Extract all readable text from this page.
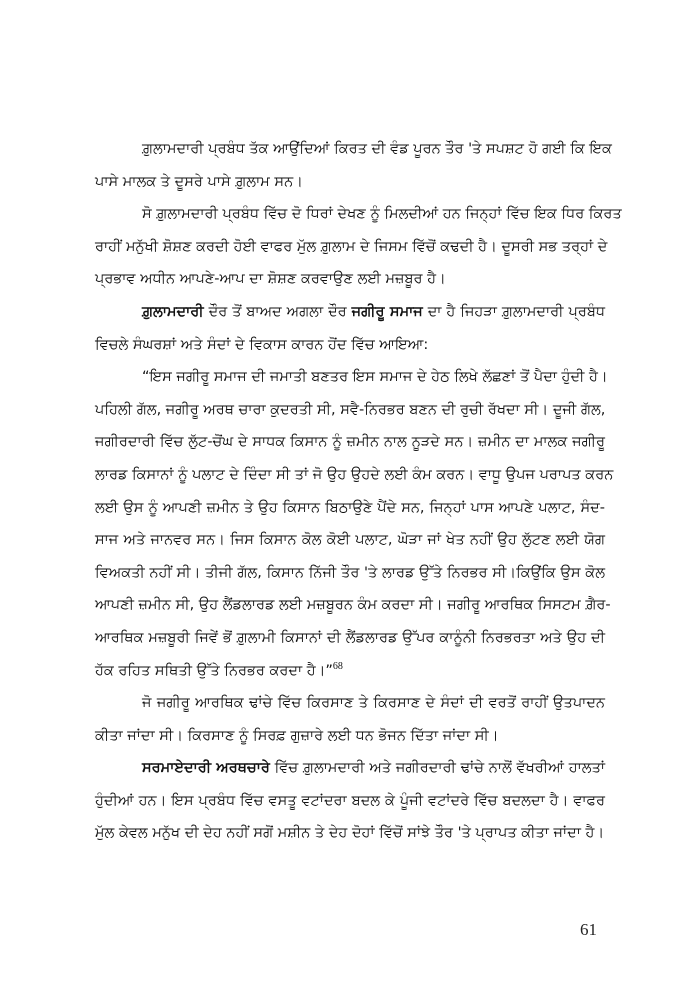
ਗ਼ੁਲਾਮਦਾਰੀ ਪ੍ਰਬੰਧ ਤੱਕ ਆਉਂਦਿਆਂ ਕਿਰਤ ਦੀ ਵੰਡ ਪੂਰਨ ਤੌਰ 'ਤੇ ਸਪਸ਼ਟ ਹੋ ਗਈ ਕਿ ਇਕ
ਪਾਸੇ ਮਾਲਕ ਤੇ ਦੂਸਰੇ ਪਾਸੇ ਗ਼ੁਲਾਮ ਸਨ।
ਸੋ ਗ਼ੁਲਾਮਦਾਰੀ ਪ੍ਰਬੰਧ ਵਿੱਚ ਦੋ ਧਿਰਾਂ ਦੇਖਣ ਨੂੰ ਮਿਲਦੀਆਂ ਹਨ ਜਿਨ੍ਹਾਂ ਵਿੱਚ ਇਕ ਧਿਰ ਕਿਰਤ
ਰਾਹੀਂ ਮਨੁੱਖੀ ਸ਼ੋਸ਼ਣ ਕਰਦੀ ਹੋਈ ਵਾਫਰ ਮੁੱਲ ਗ਼ੁਲਾਮ ਦੇ ਜਿਸਮ ਵਿੱਚੋਂ ਕਢਦੀ ਹੈ। ਦੂਸਰੀ ਸਭ ਤਰ੍ਹਾਂ ਦੇ
ਪ੍ਰਭਾਵ ਅਧੀਨ ਆਪਣੇ-ਆਪ ਦਾ ਸ਼ੋਸ਼ਣ ਕਰਵਾਉਣ ਲਈ ਮਜ਼ਬੂਰ ਹੈ।
ਗ਼ੁਲਾਮਦਾਰੀ ਦੌਰ ਤੋਂ ਬਾਅਦ ਅਗਲਾ ਦੌਰ ਜਗੀਰੂ ਸਮਾਜ ਦਾ ਹੈ ਜਿਹੜਾ ਗ਼ੁਲਾਮਦਾਰੀ ਪ੍ਰਬੰਧ
ਵਿਚਲੇ ਸੰਘਰਸ਼ਾਂ ਅਤੇ ਸੰਦਾਂ ਦੇ ਵਿਕਾਸ ਕਾਰਨ ਹੋਂਦ ਵਿੱਚ ਆਇਆ:
“ਇਸ ਜਗੀਰੂ ਸਮਾਜ ਦੀ ਜਮਾਤੀ ਬਣਤਰ ਇਸ ਸਮਾਜ ਦੇ ਹੇਠ ਲਿਖੇ ਲੱਛਣਾਂ ਤੋਂ ਪੈਦਾ ਹੁੰਦੀ ਹੈ।
ਪਹਿਲੀ ਗੱਲ, ਜਗੀਰੂ ਅਰਥ ਚਾਰਾ ਕੁਦਰਤੀ ਸੀ, ਸਵੈ-ਨਿਰਭਰ ਬਣਨ ਦੀ ਰੁਚੀ ਰੱਖਦਾ ਸੀ। ਦੂਜੀ ਗੱਲ,
ਜਗੀਰਦਾਰੀ ਵਿੱਚ ਲੁੱਟ-ਚੋਂਘ ਦੇ ਸਾਧਕ ਕਿਸਾਨ ਨੂੰ ਜ਼ਮੀਨ ਨਾਲ ਨੂੜਦੇ ਸਨ। ਜ਼ਮੀਨ ਦਾ ਮਾਲਕ ਜਗੀਰੂ
ਲਾਰਡ ਕਿਸਾਨਾਂ ਨੂੰ ਪਲਾਟ ਦੇ ਦਿੰਦਾ ਸੀ ਤਾਂ ਜੋ ਉਹ ਉਹਦੇ ਲਈ ਕੰਮ ਕਰਨ। ਵਾਧੂ ਉਪਜ ਪਰਾਪਤ ਕਰਨ
ਲਈ ਉਸ ਨੂੰ ਆਪਣੀ ਜ਼ਮੀਨ ਤੇ ਉਹ ਕਿਸਾਨ ਬਿਠਾਉਣੇ ਪੈਂਦੇ ਸਨ, ਜਿਨ੍ਹਾਂ ਪਾਸ ਆਪਣੇ ਪਲਾਟ, ਸੰਦ-
ਸਾਜ ਅਤੇ ਜਾਨਵਰ ਸਨ। ਜਿਸ ਕਿਸਾਨ ਕੋਲ ਕੋਈ ਪਲਾਟ, ਘੋੜਾ ਜਾਂ ਖੇਤ ਨਹੀਂ ਉਹ ਲੁੱਟਣ ਲਈ ਯੋਗ
ਵਿਅਕਤੀ ਨਹੀਂ ਸੀ। ਤੀਜੀ ਗੱਲ, ਕਿਸਾਨ ਨਿੱਜੀ ਤੌਰ 'ਤੇ ਲਾਰਡ ਉੱਤੇ ਨਿਰਭਰ ਸੀ।ਕਿਉਂਕਿ ਉਸ ਕੋਲ
ਆਪਣੀ ਜ਼ਮੀਨ ਸੀ, ਉਹ ਲੈਂਡਲਾਰਡ ਲਈ ਮਜ਼ਬੂਰਨ ਕੰਮ ਕਰਦਾ ਸੀ। ਜਗੀਰੂ ਆਰਥਿਕ ਸਿਸਟਮ ਗ਼ੈਰ-
ਆਰਥਿਕ ਮਜ਼ਬੂਰੀ ਜਿਵੇਂ ਭੋਂ ਗ਼ੁਲਾਮੀ ਕਿਸਾਨਾਂ ਦੀ ਲੈਂਡਲਾਰਡ ਉੱਪਰ ਕਾਨੂੰਨੀ ਨਿਰਭਰਤਾ ਅਤੇ ਉਹ ਦੀ
ਹੱਕ ਰਹਿਤ ਸਥਿਤੀ ਉੱਤੇ ਨਿਰਭਰ ਕਰਦਾ ਹੈ।”$^{68}$
ਜੋ ਜਗੀਰੂ ਆਰਥਿਕ ਢਾਂਚੇ ਵਿੱਚ ਕਿਰਸਾਣ ਤੇ ਕਿਰਸਾਣ ਦੇ ਸੰਦਾਂ ਦੀ ਵਰਤੋਂ ਰਾਹੀਂ ਉਤਪਾਦਨ
ਕੀਤਾ ਜਾਂਦਾ ਸੀ। ਕਿਰਸਾਣ ਨੂੰ ਸਿਰਫ਼ ਗੁਜ਼ਾਰੇ ਲਈ ਧਨ ਭੋਜਨ ਦਿੱਤਾ ਜਾਂਦਾ ਸੀ।
ਸਰਮਾਏਦਾਰੀ ਅਰਥਚਾਰੇ ਵਿੱਚ ਗ਼ੁਲਾਮਦਾਰੀ ਅਤੇ ਜਗੀਰਦਾਰੀ ਢਾਂਚੇ ਨਾਲੋਂ ਵੱਖਰੀਆਂ ਹਾਲਤਾਂ
ਹੁੰਦੀਆਂ ਹਨ। ਇਸ ਪ੍ਰਬੰਧ ਵਿੱਚ ਵਸਤੂ ਵਟਾਂਦਰਾ ਬਦਲ ਕੇ ਪੂੰਜੀ ਵਟਾਂਦਰੇ ਵਿੱਚ ਬਦਲਦਾ ਹੈ। ਵਾਫਰ
ਮੁੱਲ ਕੇਵਲ ਮਨੁੱਖ ਦੀ ਦੇਹ ਨਹੀਂ ਸਗੋਂ ਮਸ਼ੀਨ ਤੇ ਦੇਹ ਦੋਹਾਂ ਵਿੱਚੋਂ ਸਾਂਝੇ ਤੌਰ 'ਤੇ ਪ੍ਰਾਪਤ ਕੀਤਾ ਜਾਂਦਾ ਹੈ।
61
